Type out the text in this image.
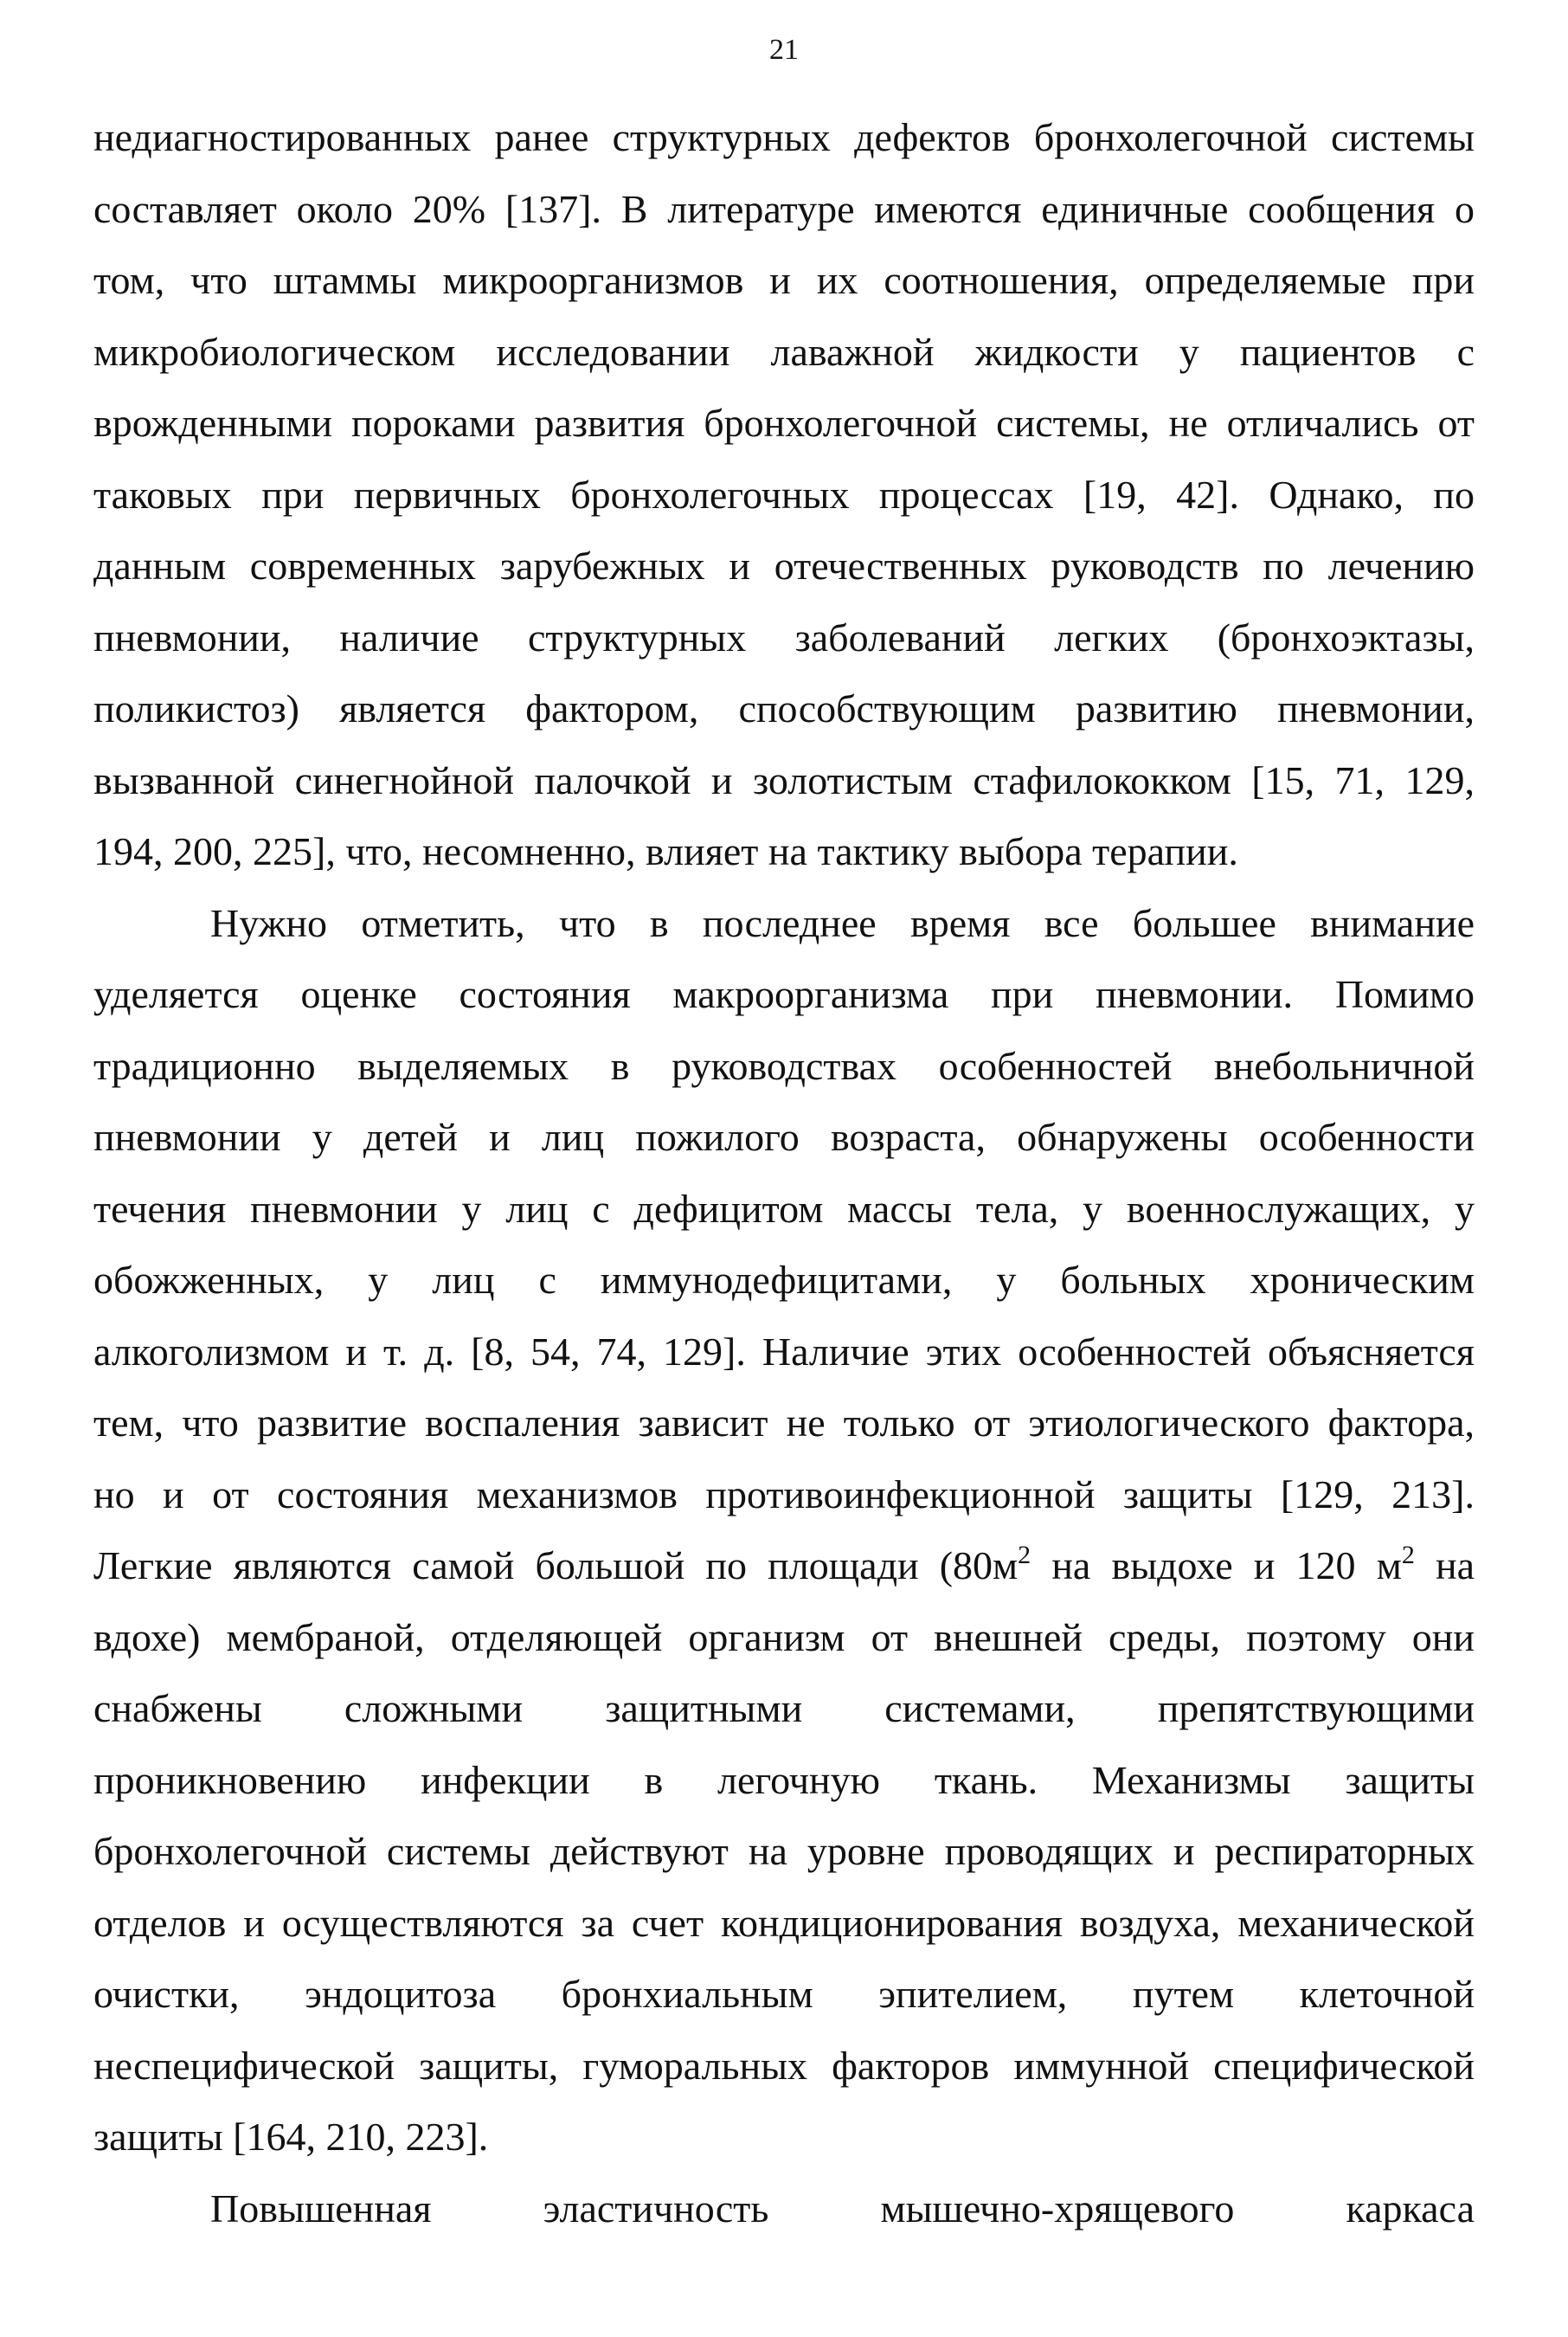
21
недиагностированных ранее структурных дефектов бронхолегочной системы
составляет около 20% [137]. В литературе имеются единичные сообщения о
том, что штаммы микроорганизмов и их соотношения, определяемые при
микробиологическом исследовании лаважной жидкости у пациентов с
врожденными пороками развития бронхолегочной системы, не отличались от
таковых при первичных бронхолегочных процессах [19, 42]. Однако, по
данным современных зарубежных и отечественных руководств по лечению
пневмонии, наличие структурных заболеваний легких (бронхоэктазы,
поликистоз) является фактором, способствующим развитию пневмонии,
вызванной синегнойной палочкой и золотистым стафилококком [15, 71, 129,
194, 200, 225], что, несомненно, влияет на тактику выбора терапии.
Нужно отметить, что в последнее время все большее внимание
уделяется оценке состояния макроорганизма при пневмонии. Помимо
традиционно выделяемых в руководствах особенностей внебольничной
пневмонии у детей и лиц пожилого возраста, обнаружены особенности
течения пневмонии у лиц с дефицитом массы тела, у военнослужащих, у
обожженных, у лиц с иммунодефицитами, у больных хроническим
алкоголизмом и т. д. [8, 54, 74, 129]. Наличие этих особенностей объясняется
тем, что развитие воспаления зависит не только от этиологического фактора,
но и от состояния механизмов противоинфекционной защиты [129, 213].
Легкие являются самой большой по площади ($80м^2$ на выдохе и 120 $м^2$ на
вдохе) мембраной, отделяющей организм от внешней среды, поэтому они
снабжены сложными защитными системами, препятствующими
проникновению инфекции в легочную ткань. Механизмы защиты
бронхолегочной системы действуют на уровне проводящих и респираторных
отделов и осуществляются за счет кондиционирования воздуха, механической
очистки, эндоцитоза бронхиальным эпителием, путем клеточной
неспецифической защиты, гуморальных факторов иммунной специфической
защиты [164, 210, 223].
Повышенная эластичность мышечно-хрящевого каркаса
